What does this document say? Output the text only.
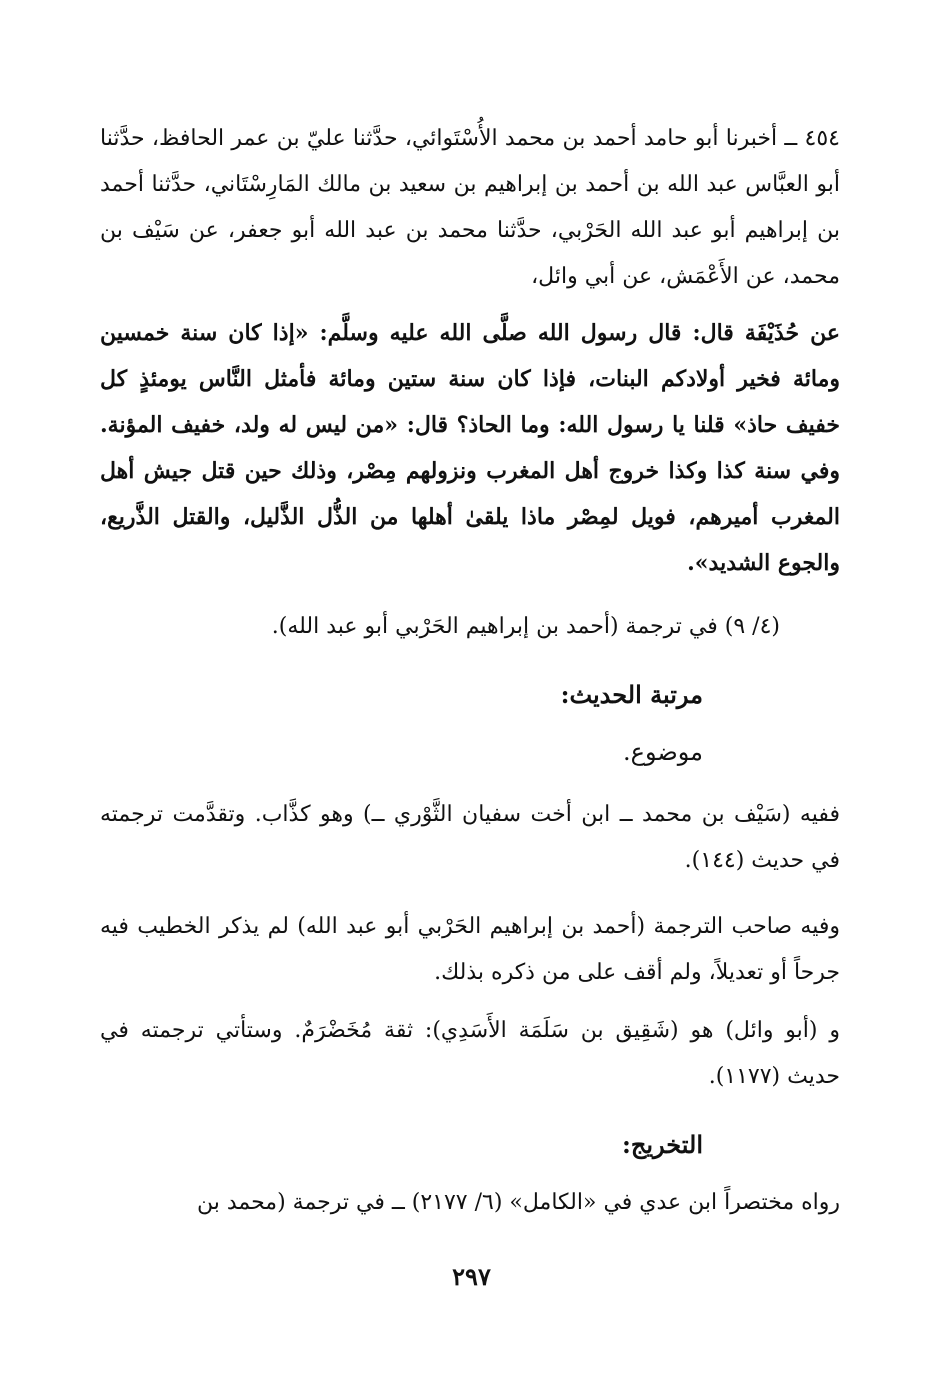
٤٥٤ ــ أخبرنا أبو حامد أحمد بن محمد الأُسْتَوائي، حدَّثنا عليّ بن عمر الحافظ، حدَّثنا أبو العبَّاس عبد الله بن أحمد بن إبراهيم بن سعيد بن مالك المَارِسْتَاني، حدَّثنا أحمد بن إبراهيم أبو عبد الله الحَرْبي، حدَّثنا محمد بن عبد الله أبو جعفر، عن سَيْف بن محمد، عن الأَعْمَش، عن أبي وائل،

عن حُذَيْفَة قال: قال رسول الله صلَّى الله عليه وسلَّم: «إذا كان سنة خمسين ومائة فخير أولادكم البنات، فإذا كان سنة ستين ومائة فأمثل النَّاس يومئذٍ كل خفيف حاذ» قلنا يا رسول الله: وما الحاذ؟ قال: «من ليس له ولد، خفيف المؤنة. وفي سنة كذا وكذا خروج أهل المغرب ونزولهم مِصْر، وذلك حين قتل جيش أهل المغرب أميرهم، فويل لمِصْر ماذا يلقىٰ أهلها من الذُّل الذَّليل، والقتل الذَّريع، والجوع الشديد».

(٤/ ٩) في ترجمة (أحمد بن إبراهيم الحَرْبي أبو عبد الله).

مرتبة الحديث:

موضوع.

ففيه (سَيْف بن محمد ــ ابن أخت سفيان الثَّوْري ــ) وهو كذَّاب. وتقدَّمت ترجمته في حديث (١٤٤).

وفيه صاحب الترجمة (أحمد بن إبراهيم الحَرْبي أبو عبد الله) لم يذكر الخطيب فيه جرحاً أو تعديلاً، ولم أقف على من ذكره بذلك.

و (أبو وائل) هو (شَقِيق بن سَلَمَة الأَسَدِي): ثقة مُخَضْرَمٌ. وستأتي ترجمته في حديث (١١٧٧).

التخريج:

رواه مختصراً ابن عدي في «الكامل» (٦/ ٢١٧٧) ــ في ترجمة (محمد بن

٢٩٧
